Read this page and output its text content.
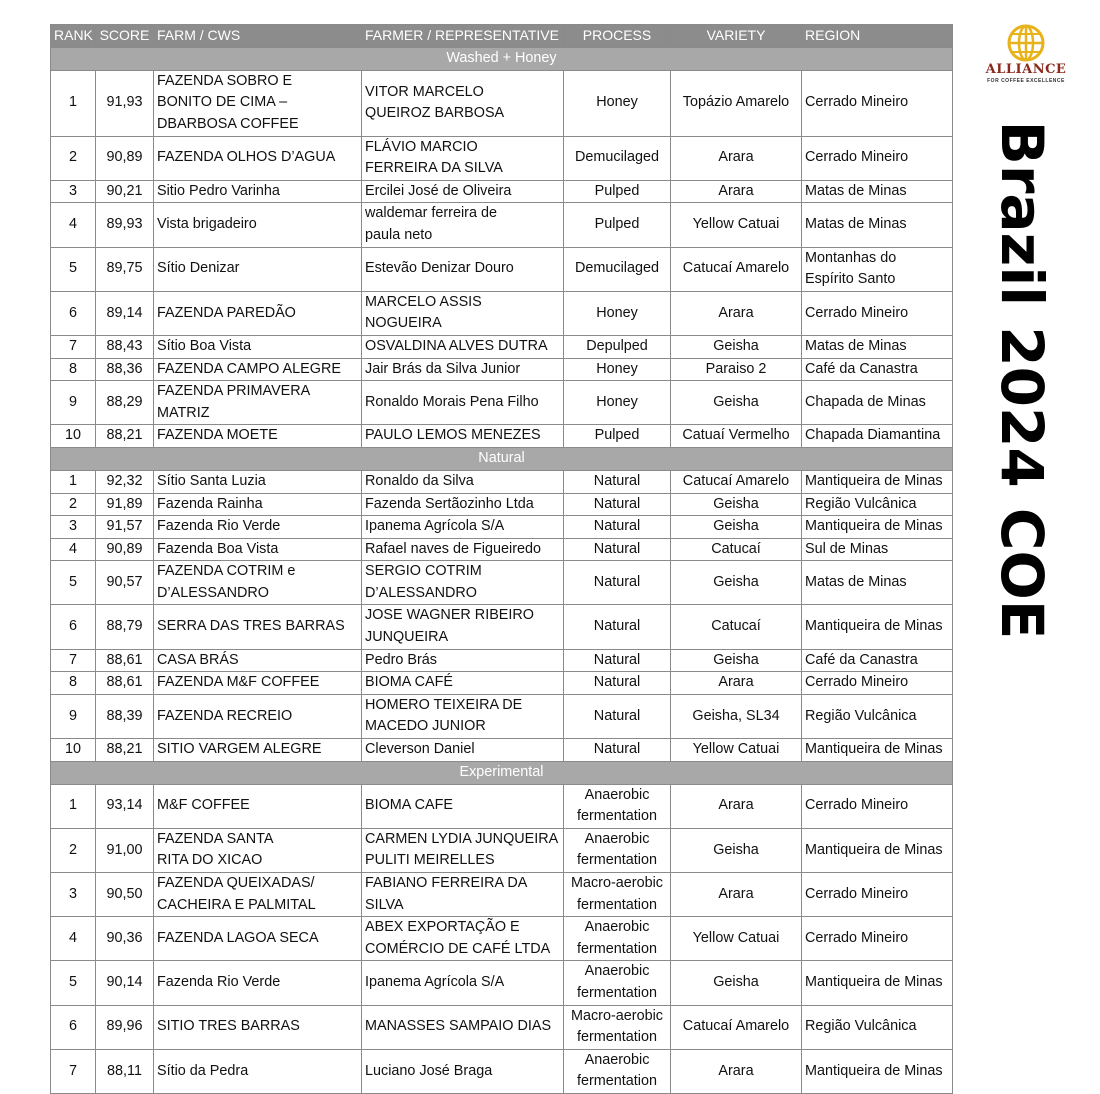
RANK	SCORE	FARM / CWS	FARMER / REPRESENTATIVE	PROCESS	VARIETY	REGION
Washed + Honey						
1	91,93	FAZENDA SOBRO E
BONITO DE CIMA –
DBARBOSA COFFEE	VITOR MARCELO
QUEIROZ BARBOSA	Honey	Topázio Amarelo	Cerrado Mineiro
2	90,89	FAZENDA OLHOS D’AGUA	FLÁVIO MARCIO
FERREIRA DA SILVA	Demucilaged	Arara	Cerrado Mineiro
3	90,21	Sitio Pedro Varinha	Ercilei José de Oliveira	Pulped	Arara	Matas de Minas
4	89,93	Vista brigadeiro	waldemar ferreira de
paula neto	Pulped	Yellow Catuai	Matas de Minas
5	89,75	Sítio Denizar	Estevão Denizar Douro	Demucilaged	Catucaí Amarelo	Montanhas do
Espírito Santo
6	89,14	FAZENDA PAREDÃO	MARCELO ASSIS NOGUEIRA	Honey	Arara	Cerrado Mineiro
7	88,43	Sítio Boa Vista	OSVALDINA ALVES DUTRA	Depulped	Geisha	Matas de Minas
8	88,36	FAZENDA CAMPO ALEGRE	Jair Brás da Silva Junior	Honey	Paraiso 2	Café da Canastra
9	88,29	FAZENDA PRIMAVERA
MATRIZ	Ronaldo Morais Pena Filho	Honey	Geisha	Chapada de Minas
10	88,21	FAZENDA MOETE	PAULO LEMOS MENEZES	Pulped	Catuaí Vermelho	Chapada Diamantina
Natural						
1	92,32	Sítio Santa Luzia	Ronaldo da Silva	Natural	Catucaí Amarelo	Mantiqueira de Minas
2	91,89	Fazenda Rainha	Fazenda Sertãozinho Ltda	Natural	Geisha	Região Vulcânica
3	91,57	Fazenda Rio Verde	Ipanema Agrícola S/A	Natural	Geisha	Mantiqueira de Minas
4	90,89	Fazenda Boa Vista	Rafael naves de Figueiredo	Natural	Catucaí	Sul de Minas
5	90,57	FAZENDA COTRIM e
D’ALESSANDRO	SERGIO COTRIM
D’ALESSANDRO	Natural	Geisha	Matas de Minas
6	88,79	SERRA DAS TRES BARRAS	JOSE WAGNER RIBEIRO
JUNQUEIRA	Natural	Catucaí	Mantiqueira de Minas
7	88,61	CASA BRÁS	Pedro Brás	Natural	Geisha	Café da Canastra
8	88,61	FAZENDA M&F COFFEE	BIOMA CAFÉ	Natural	Arara	Cerrado Mineiro
9	88,39	FAZENDA RECREIO	HOMERO TEIXEIRA DE
MACEDO JUNIOR	Natural	Geisha, SL34	Região Vulcânica
10	88,21	SITIO VARGEM ALEGRE	Cleverson Daniel	Natural	Yellow Catuai	Mantiqueira de Minas
Experimental						
1	93,14	M&F COFFEE	BIOMA CAFE	Anaerobic
fermentation	Arara	Cerrado Mineiro
2	91,00	FAZENDA SANTA
RITA DO XICAO	CARMEN LYDIA JUNQUEIRA
PULITI MEIRELLES	Anaerobic
fermentation	Geisha	Mantiqueira de Minas
3	90,50	FAZENDA QUEIXADAS/
CACHEIRA E PALMITAL	FABIANO FERREIRA DA SILVA	Macro-aerobic
fermentation	Arara	Cerrado Mineiro
4	90,36	FAZENDA LAGOA SECA	ABEX EXPORTAÇÃO E
COMÉRCIO DE CAFÉ LTDA	Anaerobic
fermentation	Yellow Catuai	Cerrado Mineiro
5	90,14	Fazenda Rio Verde	Ipanema Agrícola S/A	Anaerobic
fermentation	Geisha	Mantiqueira de Minas
6	89,96	SITIO TRES BARRAS	MANASSES SAMPAIO DIAS	Macro-aerobic
fermentation	Catucaí Amarelo	Região Vulcânica
7	88,11	Sítio da Pedra	Luciano José Braga	Anaerobic
fermentation	Arara	Mantiqueira de Minas
ALLIANCE
FOR COFFEE EXCELLENCE
Brazil 2024 COE
